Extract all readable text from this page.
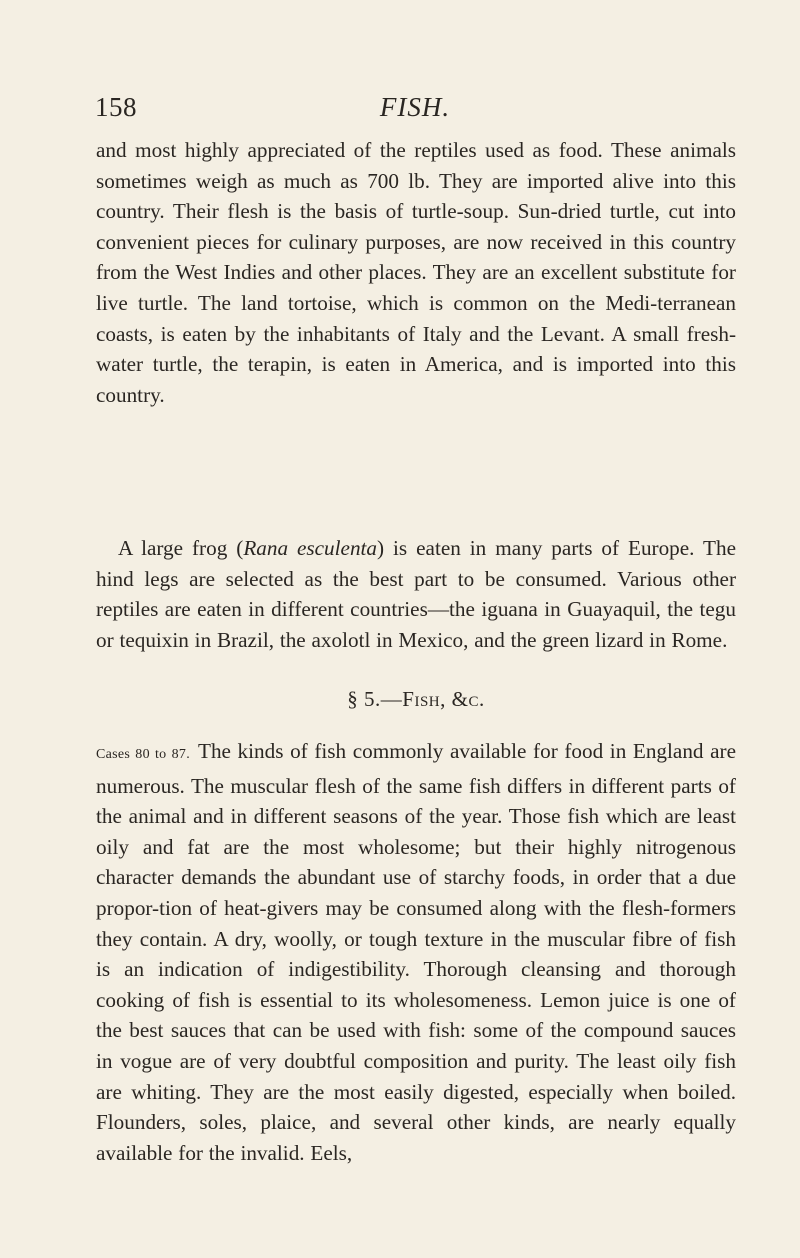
158	FISH.

and most highly appreciated of the reptiles used as food. These animals sometimes weigh as much as 700 lb. They are imported alive into this country. Their flesh is the basis of turtle-soup. Sun-dried turtle, cut into convenient pieces for culinary purposes, are now received in this country from the West Indies and other places. They are an excellent substitute for live turtle. The land tortoise, which is common on the Medi-terranean coasts, is eaten by the inhabitants of Italy and the Levant. A small fresh-water turtle, the terapin, is eaten in America, and is imported into this country.

A large frog (Rana esculenta) is eaten in many parts of Europe. The hind legs are selected as the best part to be consumed. Various other reptiles are eaten in different countries—the iguana in Guayaquil, the tegu or tequixin in Brazil, the axolotl in Mexico, and the green lizard in Rome.

§ 5.—Fish, &c.

Cases 80 to 87. The kinds of fish commonly available for food in England are numerous. The muscular flesh of the same fish differs in different parts of the animal and in different seasons of the year. Those fish which are least oily and fat are the most wholesome; but their highly nitrogenous character demands the abundant use of starchy foods, in order that a due propor-tion of heat-givers may be consumed along with the flesh-formers they contain. A dry, woolly, or tough texture in the muscular fibre of fish is an indication of indigestibility. Thorough cleansing and thorough cooking of fish is essential to its wholesomeness. Lemon juice is one of the best sauces that can be used with fish: some of the compound sauces in vogue are of very doubtful composition and purity. The least oily fish are whiting. They are the most easily digested, especially when boiled. Flounders, soles, plaice, and several other kinds, are nearly equally available for the invalid. Eels,
